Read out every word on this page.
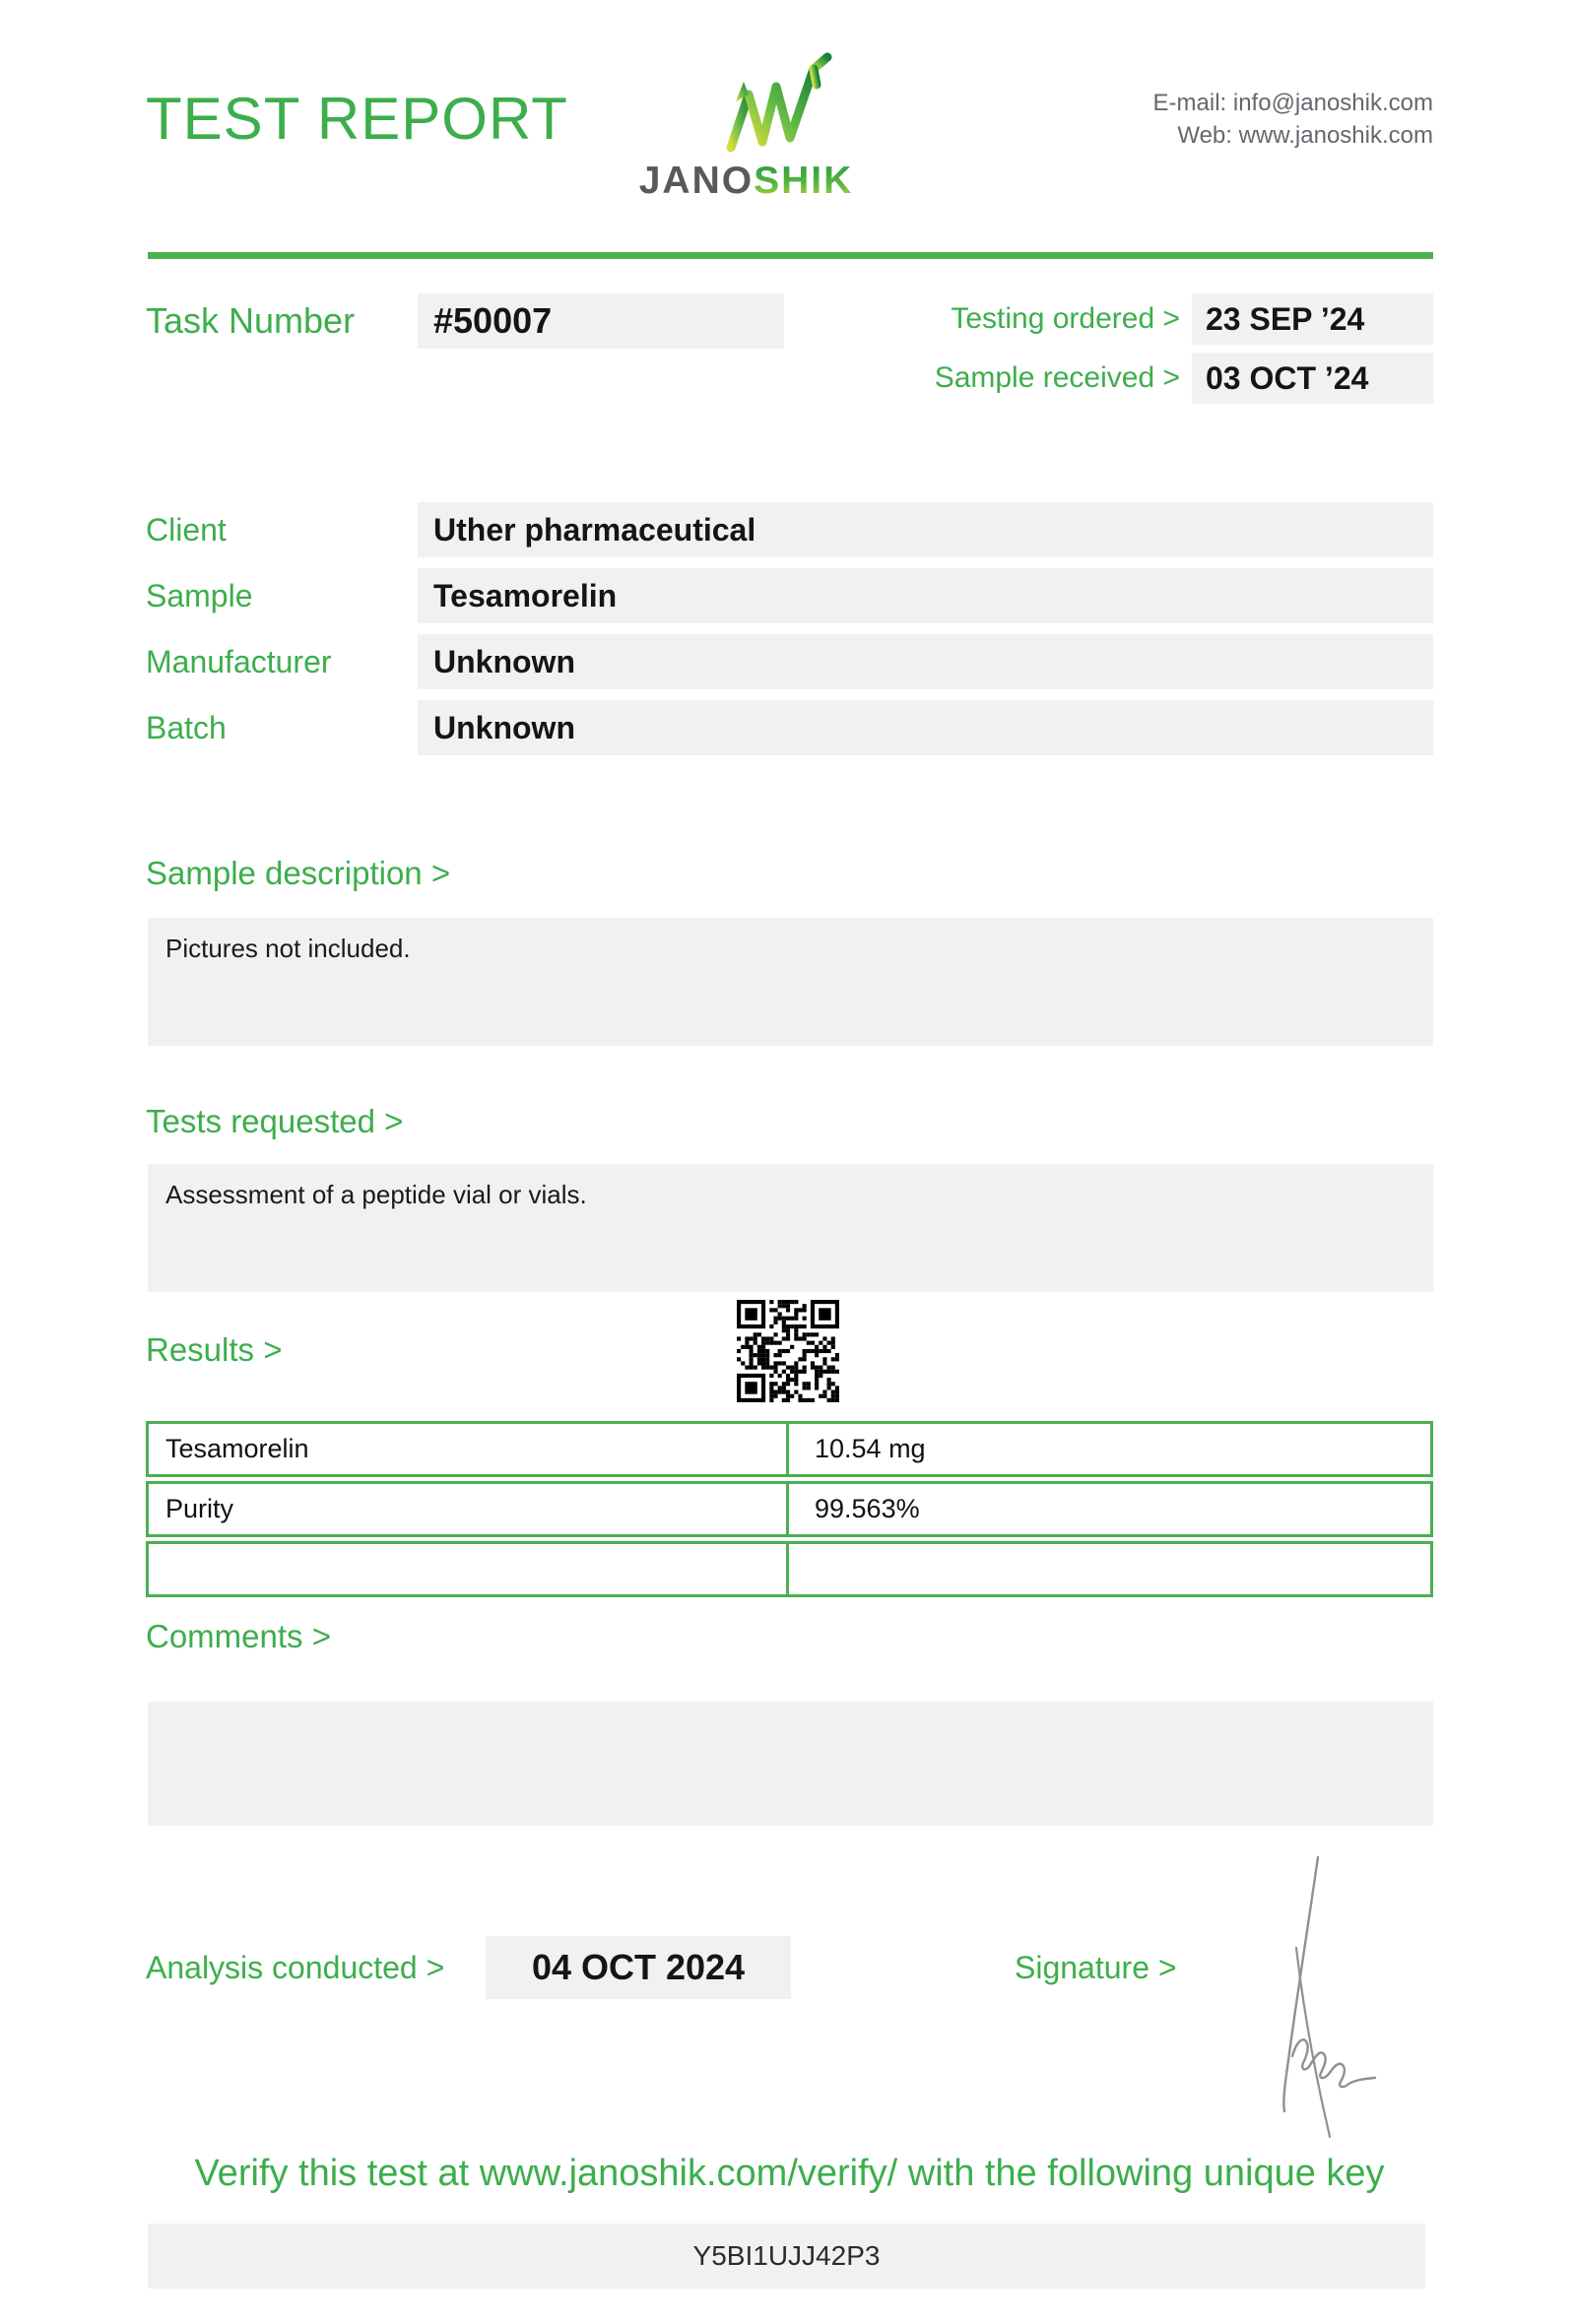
TEST REPORT
JANOSHIK
E-mail: info@janoshik.com
Web: www.janoshik.com
Task Number	#50007	Testing ordered > 23 SEP ’24
Sample received > 03 OCT ’24
Client	Uther pharmaceutical
Sample	Tesamorelin
Manufacturer	Unknown
Batch	Unknown
Sample description >
Pictures not included.
Tests requested >
Assessment of a peptide vial or vials.
Results >
Tesamorelin	10.54 mg
Purity	99.563%
Comments >
Analysis conducted >	04 OCT 2024	Signature >
Verify this test at www.janoshik.com/verify/ with the following unique key
Y5BI1UJJ42P3
